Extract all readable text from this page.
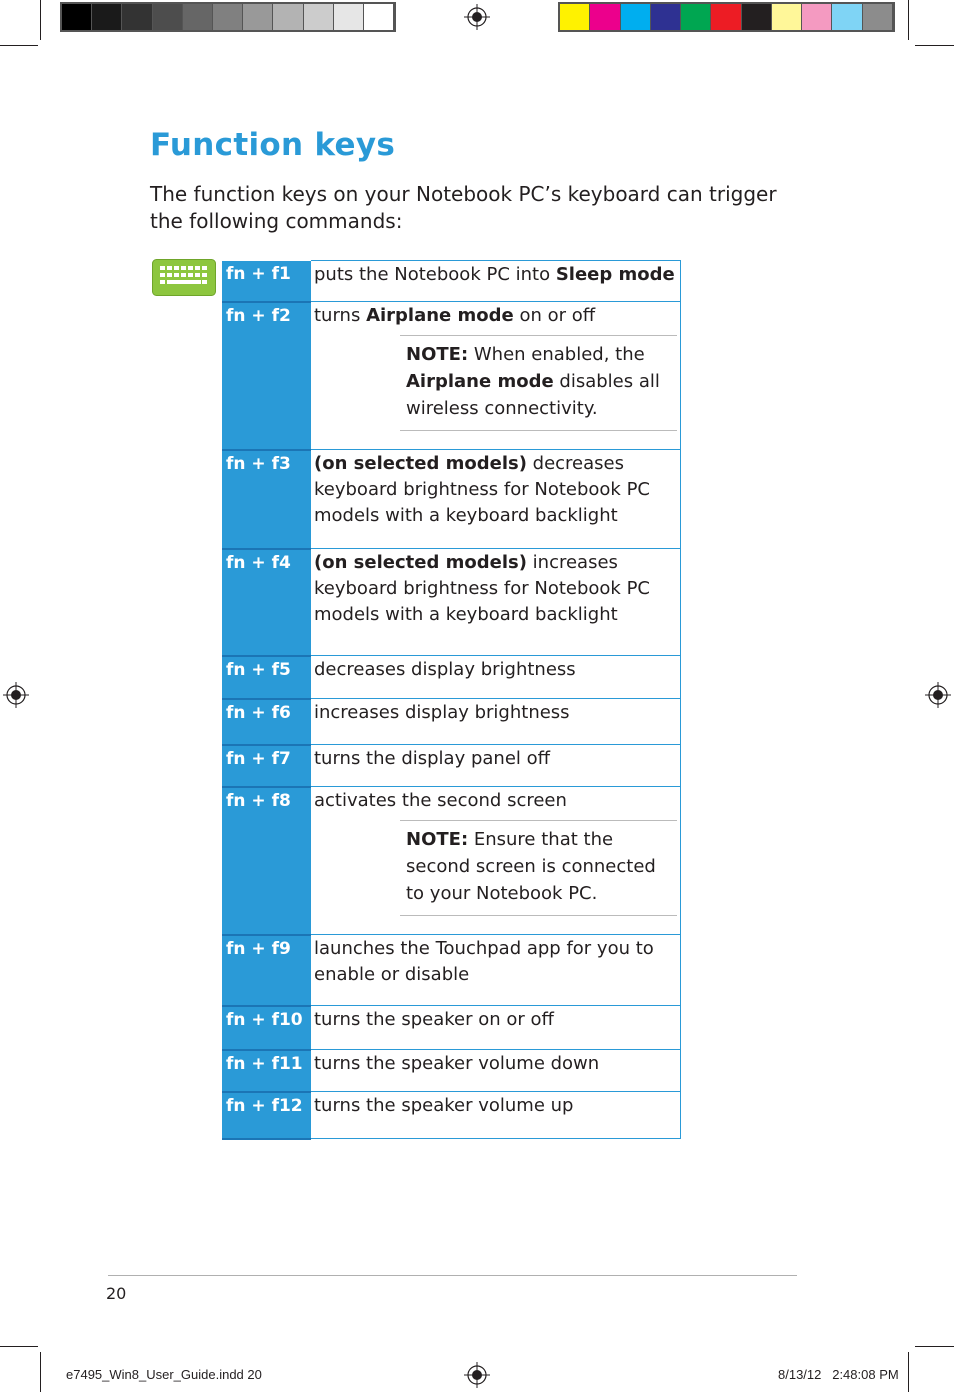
Function keys

The function keys on your Notebook PC’s keyboard can trigger the following commands:

fn + f1	puts the Notebook PC into Sleep mode

fn + f2	turns Airplane mode on or off
NOTE: When enabled, the Airplane mode disables all wireless connectivity.

fn + f3	(on selected models) decreases keyboard brightness for Notebook PC models with a keyboard backlight

fn + f4	(on selected models) increases keyboard brightness for Notebook PC models with a keyboard backlight

fn + f5	decreases display brightness

fn + f6	increases display brightness

fn + f7	turns the display panel off

fn + f8	activates the second screen
NOTE: Ensure that the second screen is connected to your Notebook PC.

fn + f9	launches the Touchpad app for you to enable or disable

fn + f10	turns the speaker on or off

fn + f11	turns the speaker volume down

fn + f12	turns the speaker volume up
20
e7495_Win8_User_Guide.indd 20	8/13/12   2:48:08 PM
